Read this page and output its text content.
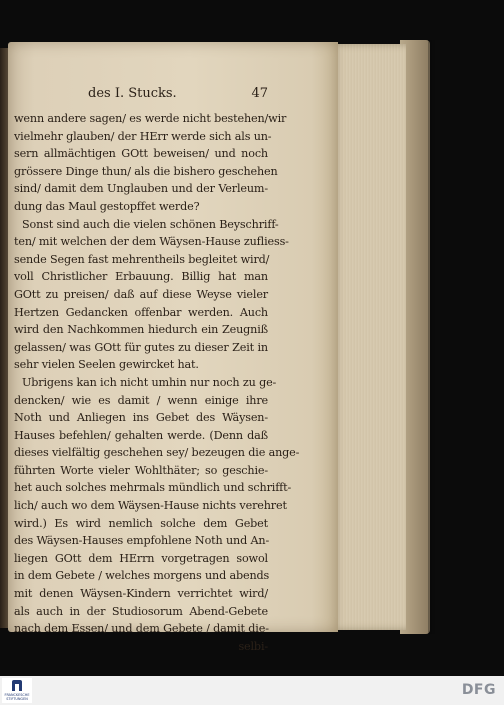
des I. Stucks.	47
wenn andere sagen/ es werde nicht bestehen/wir
vielmehr glauben/ der HErr werde sich als un-
sern allmächtigen GOtt beweisen/ und noch
grössere Dinge thun/ als die bishero geschehen
sind/ damit dem Unglauben und der Verleum-
dung das Maul gestopffet werde?
Sonst sind auch die vielen schönen Beyschriff-
ten/ mit welchen der dem Wäysen-Hause zufliess-
sende Segen fast mehrentheils begleitet wird/
voll Christlicher Erbauung. Billig hat man
GOtt zu preisen/ daß auf diese Weyse vieler
Hertzen Gedancken offenbar werden. Auch
wird den Nachkommen hiedurch ein Zeugniß
gelassen/ was GOtt für gutes zu dieser Zeit in
sehr vielen Seelen gewircket hat.
Ubrigens kan ich nicht umhin nur noch zu ge-
dencken/ wie es damit / wenn einige ihre
Noth und Anliegen ins Gebet des Wäysen-
Hauses befehlen/ gehalten werde. (Denn daß
dieses vielfältig geschehen sey/ bezeugen die ange-
führten Worte vieler Wohlthäter; so geschie-
het auch solches mehrmals mündlich und schrifft-
lich/ auch wo dem Wäysen-Hause nichts verehret
wird.) Es wird nemlich solche dem Gebet
des Wäysen-Hauses empfohlene Noth und An-
liegen GOtt dem HErrn vorgetragen sowol
in dem Gebete / welches morgens und abends
mit denen Wäysen-Kindern verrichtet wird/
als auch in der Studiosorum Abend-Gebete
nach dem Essen/ und dem Gebete / damit die-
selbi-
FRANCKESCHE STIFTUNGEN
DFG
